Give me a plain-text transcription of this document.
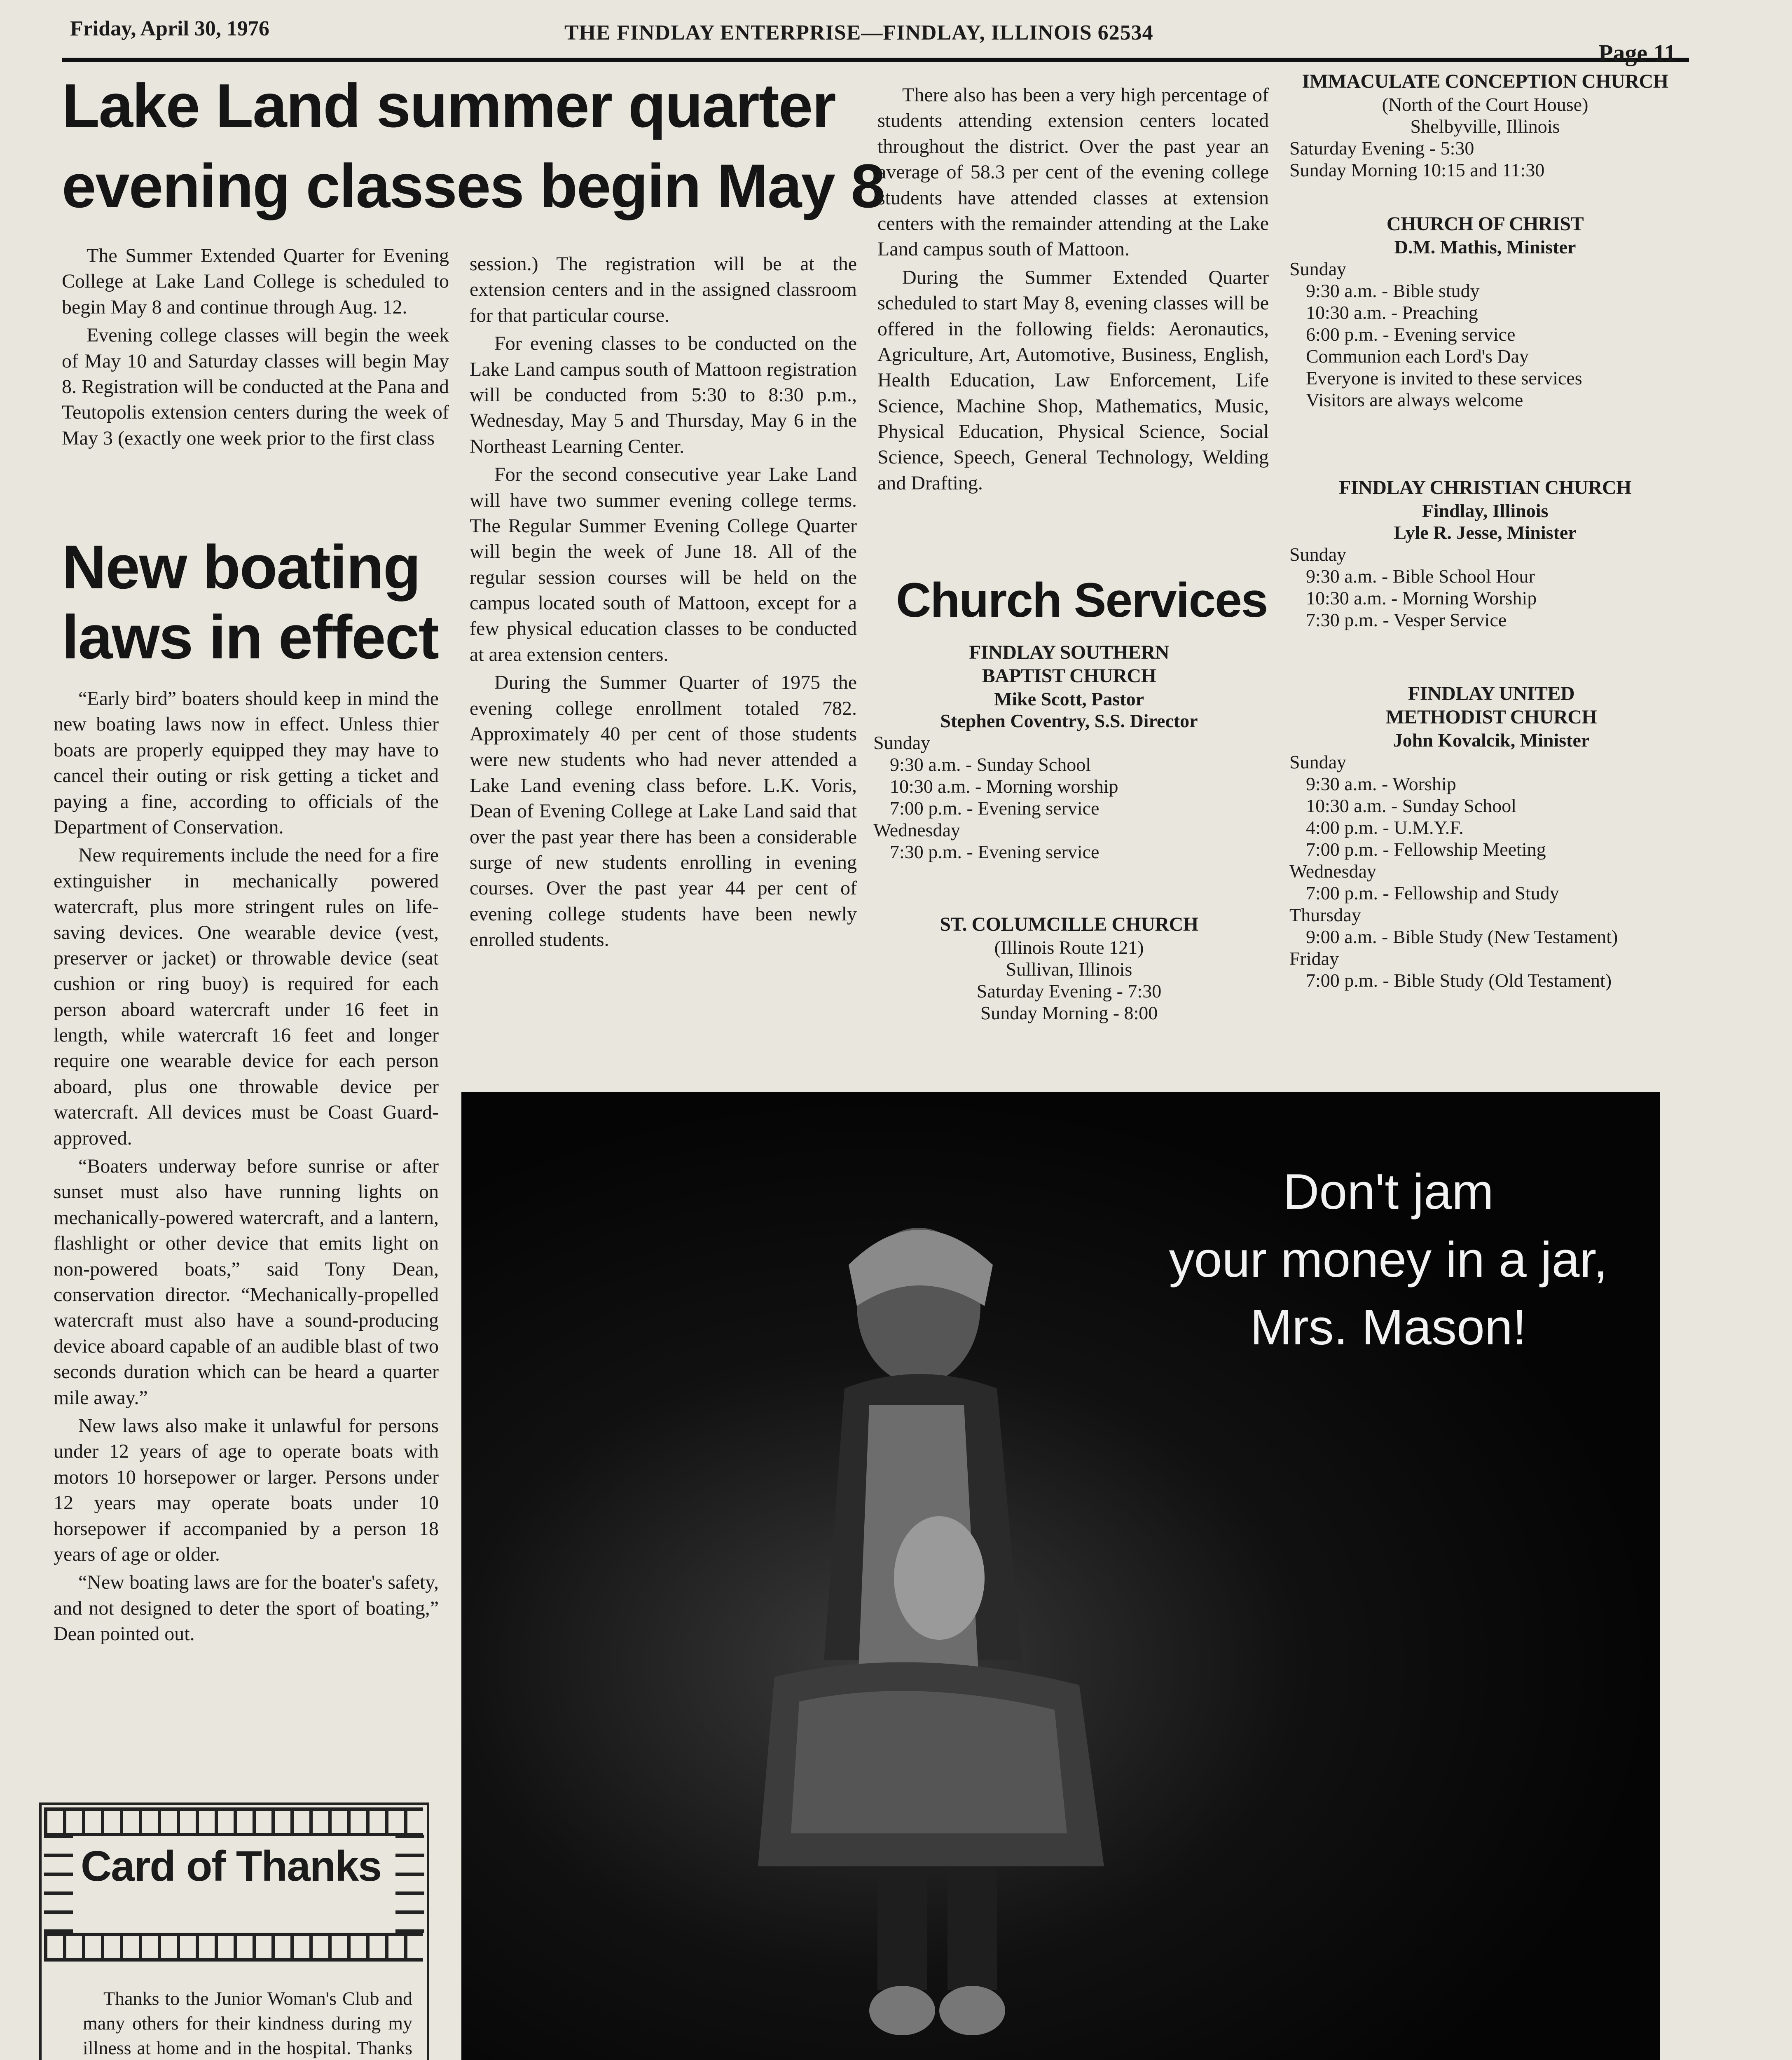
Friday, April 30, 1976	THE FINDLAY ENTERPRISE—FINDLAY, ILLINOIS 62534
Page 11
Lake Land summer quarter
evening classes begin May 8

The Summer Extended Quarter for Evening College at Lake Land College is scheduled to begin May 8 and continue through Aug. 12.

Evening college classes will begin the week of May 10 and Saturday classes will begin May 8. Registration will be conducted at the Pana and Teutopolis extension centers during the week of May 3 (exactly one week prior to the first class

session.) The registration will be at the extension centers and in the assigned classroom for that particular course.

For evening classes to be conducted on the Lake Land campus south of Mattoon registration will be conducted from 5:30 to 8:30 p.m., Wednesday, May 5 and Thursday, May 6 in the Northeast Learning Center.

For the second consecutive year Lake Land will have two summer evening college terms. The Regular Summer Evening College Quarter will begin the week of June 18. All of the regular session courses will be held on the campus located south of Mattoon, except for a few physical education classes to be conducted at area extension centers.

During the Summer Quarter of 1975 the evening college enrollment totaled 782. Approximately 40 per cent of those students were new students who had never attended a Lake Land evening class before. L.K. Voris, Dean of Evening College at Lake Land said that over the past year there has been a considerable surge of new students enrolling in evening courses. Over the past year 44 per cent of evening college students have been newly enrolled students.

There also has been a very high percentage of students attending extension centers located throughout the district. Over the past year an average of 58.3 per cent of the evening college students have attended classes at extension centers with the remainder attending at the Lake Land campus south of Mattoon.

During the Summer Extended Quarter scheduled to start May 8, evening classes will be offered in the following fields: Aeronautics, Agriculture, Art, Automotive, Business, English, Health Education, Law Enforcement, Life Science, Machine Shop, Mathematics, Music, Physical Education, Physical Science, Social Science, Speech, General Technology, Welding and Drafting.

New boating
laws in effect

“Early bird” boaters should keep in mind the new boating laws now in effect. Unless thier boats are properly equipped they may have to cancel their outing or risk getting a ticket and paying a fine, according to officials of the Department of Conservation.

New requirements include the need for a fire extinguisher in mechanically powered watercraft, plus more stringent rules on life-saving devices. One wearable device (vest, preserver or jacket) or throwable device (seat cushion or ring buoy) is required for each person aboard watercraft under 16 feet in length, while watercraft 16 feet and longer require one wearable device for each person aboard, plus one throwable device per watercraft. All devices must be Coast Guard-approved.

“Boaters underway before sunrise or after sunset must also have running lights on mechanically-powered watercraft, and a lantern, flashlight or other device that emits light on non-powered boats,” said Tony Dean, conservation director. “Mechanically-propelled watercraft must also have a sound-producing device aboard capable of an audible blast of two seconds duration which can be heard a quarter mile away.”

New laws also make it unlawful for persons under 12 years of age to operate boats with motors 10 horsepower or larger. Persons under 12 years may operate boats under 10 horsepower if accompanied by a person 18 years of age or older.

“New boating laws are for the boater's safety, and not designed to deter the sport of boating,” Dean pointed out.

Church Services
FINDLAY SOUTHERN
BAPTIST CHURCH

Mike Scott, Pastor

Stephen Coventry, S.S. Director

Sunday

9:30 a.m. - Sunday School

10:30 a.m. - Morning worship

7:00 p.m. - Evening service

Wednesday

7:30 p.m. - Evening service

ST. COLUMCILLE CHURCH

(Illinois Route 121)

Sullivan, Illinois

Saturday Evening - 7:30

Sunday Morning - 8:00

IMMACULATE CONCEPTION CHURCH

(North of the Court House)

Shelbyville, Illinois

Saturday Evening - 5:30

Sunday Morning 10:15 and 11:30

CHURCH OF CHRIST

D.M. Mathis, Minister

Sunday

9:30 a.m. - Bible study

10:30 a.m. - Preaching

6:00 p.m. - Evening service

Communion each Lord's Day

Everyone is invited to these services

Visitors are always welcome

FINDLAY CHRISTIAN CHURCH

Findlay, Illinois

Lyle R. Jesse, Minister

Sunday

9:30 a.m. - Bible School Hour

10:30 a.m. - Morning Worship

7:30 p.m. - Vesper Service

FINDLAY UNITED
METHODIST CHURCH

John Kovalcik, Minister

Sunday

9:30 a.m. - Worship

10:30 a.m. - Sunday School

4:00 p.m. - U.M.Y.F.

7:00 p.m. - Fellowship Meeting

Wednesday

7:00 p.m. - Fellowship and Study

Thursday

9:00 a.m. - Bible Study (New Testament)

Friday

7:00 p.m. - Bible Study (Old Testament)

Card of Thanks

Thanks to the Junior Woman's Club and many others for their kindness during my illness at home and in the hospital. Thanks

Don't jam
your money in a jar,
Mrs. Mason!
